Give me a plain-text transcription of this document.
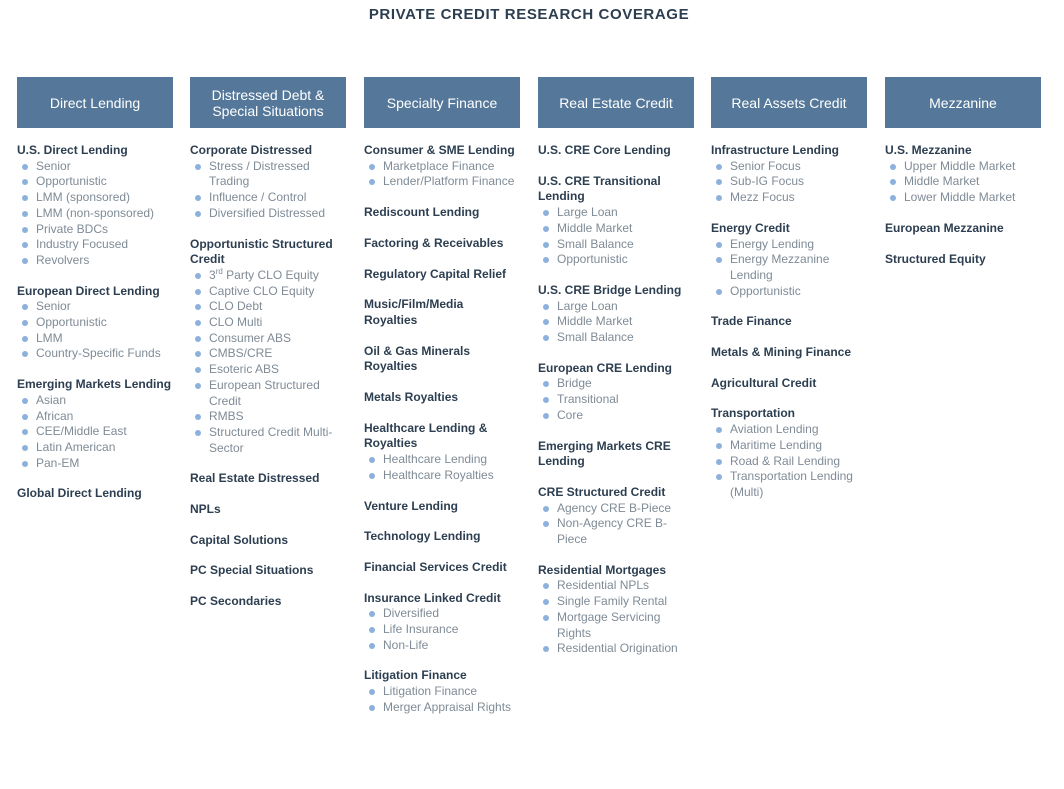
PRIVATE CREDIT RESEARCH COVERAGE
Direct Lending
U.S. Direct Lending
Senior
Opportunistic
LMM (sponsored)
LMM (non-sponsored)
Private BDCs
Industry Focused
Revolvers
European Direct Lending
Senior
Opportunistic
LMM
Country-Specific Funds
Emerging Markets Lending
Asian
African
CEE/Middle East
Latin American
Pan-EM
Global Direct Lending
Distressed Debt & Special Situations
Corporate Distressed
Stress / Distressed Trading
Influence / Control
Diversified Distressed
Opportunistic Structured Credit
3rd Party CLO Equity
Captive CLO Equity
CLO Debt
CLO Multi
Consumer ABS
CMBS/CRE
Esoteric ABS
European Structured Credit
RMBS
Structured Credit Multi-Sector
Real Estate Distressed
NPLs
Capital Solutions
PC Special Situations
PC Secondaries
Specialty Finance
Consumer & SME Lending
Marketplace Finance
Lender/Platform Finance
Rediscount Lending
Factoring & Receivables
Regulatory Capital Relief
Music/Film/Media Royalties
Oil & Gas Minerals Royalties
Metals Royalties
Healthcare Lending & Royalties
Healthcare Lending
Healthcare Royalties
Venture Lending
Technology Lending
Financial Services Credit
Insurance Linked Credit
Diversified
Life Insurance
Non-Life
Litigation Finance
Litigation Finance
Merger Appraisal Rights
Real Estate Credit
U.S. CRE Core Lending
U.S. CRE Transitional Lending
Large Loan
Middle Market
Small Balance
Opportunistic
U.S. CRE Bridge Lending
Large Loan
Middle Market
Small Balance
European CRE Lending
Bridge
Transitional
Core
Emerging Markets CRE Lending
CRE Structured Credit
Agency CRE B-Piece
Non-Agency CRE B-Piece
Residential Mortgages
Residential NPLs
Single Family Rental
Mortgage Servicing Rights
Residential Origination
Real Assets Credit
Infrastructure Lending
Senior Focus
Sub-IG Focus
Mezz Focus
Energy Credit
Energy Lending
Energy Mezzanine Lending
Opportunistic
Trade Finance
Metals & Mining Finance
Agricultural Credit
Transportation
Aviation Lending
Maritime Lending
Road & Rail Lending
Transportation Lending (Multi)
Mezzanine
U.S. Mezzanine
Upper Middle Market
Middle Market
Lower Middle Market
European Mezzanine
Structured Equity
